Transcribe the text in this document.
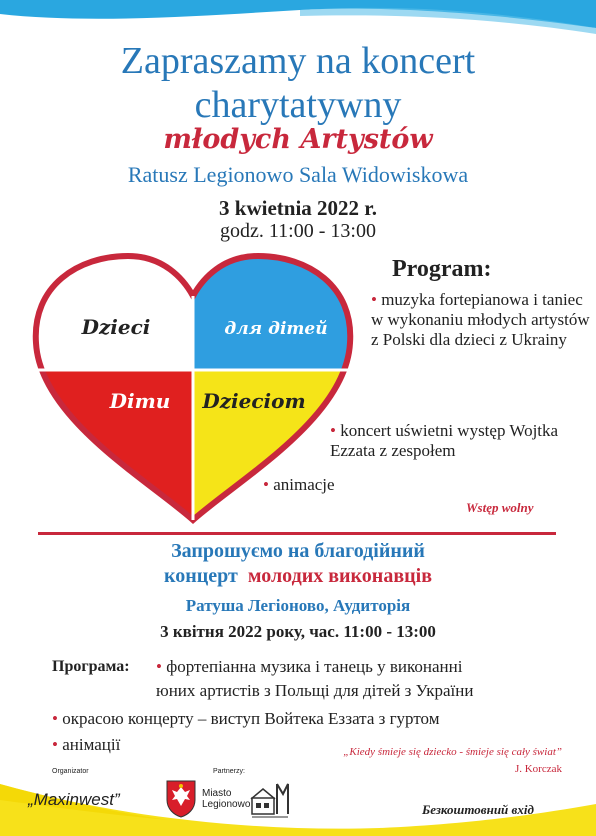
Zapraszamy na koncert
charytatywny
młodych Artystów
Ratusz Legionowo Sala Widowiskowa
3 kwietnia 2022 r.
godz. 11:00 - 13:00
Dzieci	для дітей
Dimu Dzieciom
Program:
• muzyka fortepianowa i taniec w wykonaniu młodych artystów z Polski dla dzieci z Ukrainy
• koncert uświetni występ Wojtka Ezzata z zespołem
• animacje
Wstęp wolny
Запрошуємо на благодійний
концерт молодих виконавців
Ратуша Легіоново, Аудиторія
3 квітня 2022 року, час. 11:00 - 13:00
Програма: • фортепіанна музика і танець у виконанні
юних артистів з Польщі для дітей з України
• окрасою концерту – виступ Войтека Еззата з гуртом
• анімації	„Kiedy śmieje się dziecko - śmieje się cały świat”
J. Korczak
Organizator
„Maxinwest”
Partnerzy:
Miasto
Legionowo	Безкоштовний вхід
